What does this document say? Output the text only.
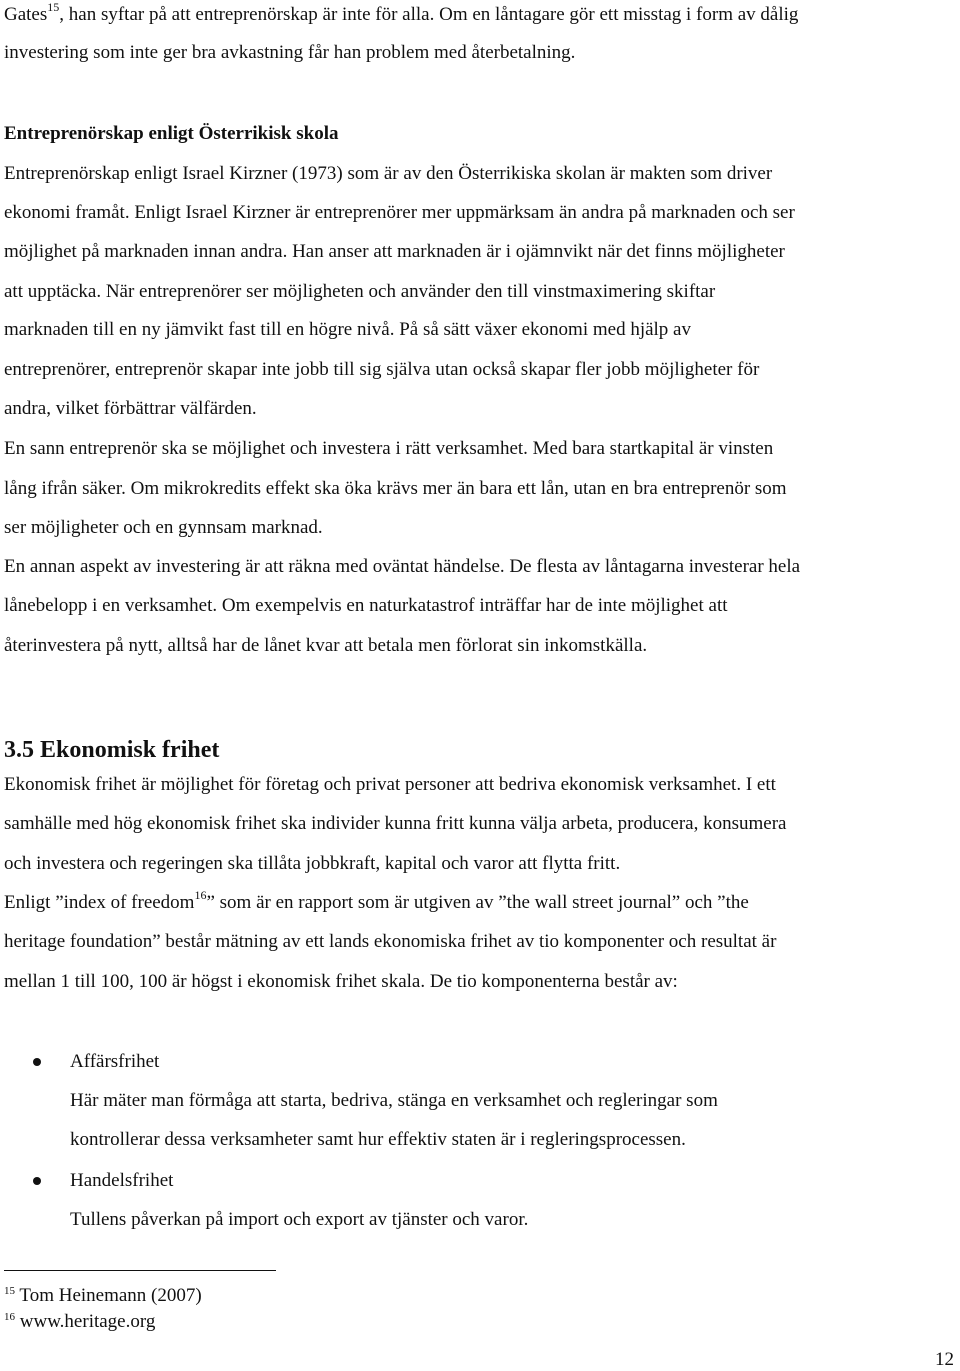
Gates$^{15}$, han syftar på att entreprenörskap är inte för alla. Om en låntagare gör ett misstag i form av dålig
investering som inte ger bra avkastning får han problem med återbetalning.
Entreprenörskap enligt Österrikisk skola
Entreprenörskap enligt Israel Kirzner (1973) som är av den Österrikiska skolan är makten som driver
ekonomi framåt. Enligt Israel Kirzner är entreprenörer mer uppmärksam än andra på marknaden och ser
möjlighet på marknaden innan andra. Han anser att marknaden är i ojämnvikt när det finns möjligheter
att upptäcka. När entreprenörer ser möjligheten och använder den till vinstmaximering skiftar
marknaden till en ny jämvikt fast till en högre nivå. På så sätt växer ekonomi med hjälp av
entreprenörer, entreprenör skapar inte jobb till sig själva utan också skapar fler jobb möjligheter för
andra, vilket förbättrar välfärden.
En sann entreprenör ska se möjlighet och investera i rätt verksamhet. Med bara startkapital är vinsten
lång ifrån säker. Om mikrokredits effekt ska öka krävs mer än bara ett lån, utan en bra entreprenör som
ser möjligheter och en gynnsam marknad.
En annan aspekt av investering är att räkna med oväntat händelse. De flesta av låntagarna investerar hela
lånebelopp i en verksamhet. Om exempelvis en naturkatastrof inträffar har de inte möjlighet att
återinvestera på nytt, alltså har de lånet kvar att betala men förlorat sin inkomstkälla.
3.5 Ekonomisk frihet
Ekonomisk frihet är möjlighet för företag och privat personer att bedriva ekonomisk verksamhet. I ett
samhälle med hög ekonomisk frihet ska individer kunna fritt kunna välja arbeta, producera, konsumera
och investera och regeringen ska tillåta jobbkraft, kapital och varor att flytta fritt.
Enligt ”index of freedom$^{16}$” som är en rapport som är utgiven av ”the wall street journal” och ”the
heritage foundation” består mätning av ett lands ekonomiska frihet av tio komponenter och resultat är
mellan 1 till 100, 100 är högst i ekonomisk frihet skala. De tio komponenterna består av:
Affärsfrihet
Här mäter man förmåga att starta, bedriva, stänga en verksamhet och regleringar som
kontrollerar dessa verksamheter samt hur effektiv staten är i regleringsprocessen.
Handelsfrihet
Tullens påverkan på import och export av tjänster och varor.
$^{15}$ Tom Heinemann (2007)
$^{16}$ www.heritage.org
12
